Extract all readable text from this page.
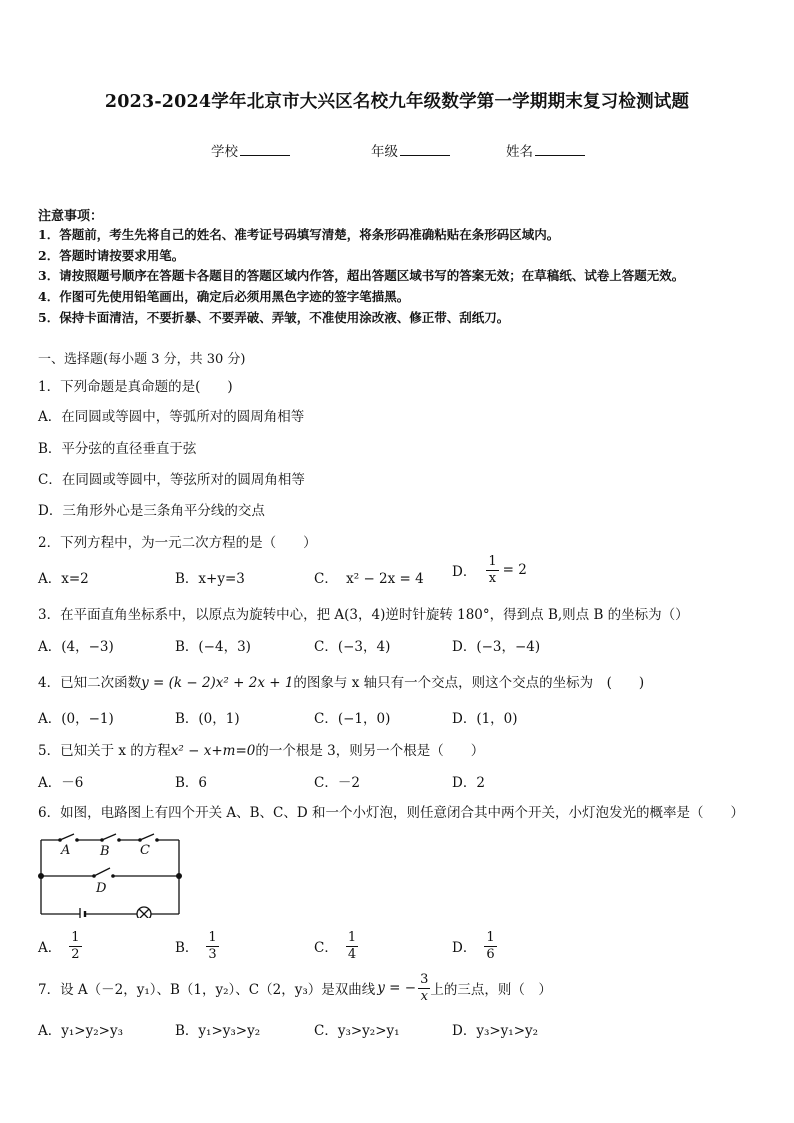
2023-2024学年北京市大兴区名校九年级数学第一学期期末复习检测试题
学校	年级	姓名
注意事项：
1．答题前，考生先将自己的姓名、准考证号码填写清楚，将条形码准确粘贴在条形码区域内。
2．答题时请按要求用笔。
3．请按照题号顺序在答题卡各题目的答题区域内作答，超出答题区域书写的答案无效；在草稿纸、试卷上答题无效。
4．作图可先使用铅笔画出，确定后必须用黑色字迹的签字笔描黑。
5．保持卡面清洁，不要折暴、不要弄破、弄皱，不准使用涂改液、修正带、刮纸刀。
一、选择题(每小题 3 分，共 30 分)
1．下列命题是真命题的是(　　)
A．在同圆或等圆中，等弧所对的圆周角相等
B．平分弦的直径垂直于弦
C．在同圆或等圆中，等弦所对的圆周角相等
D．三角形外心是三条角平分线的交点
2．下列方程中，为一元二次方程的是（　　）
A．x=2	B．x+y=3	C． x² − 2x = 4 D． $\frac{1}{x} = 2$
3．在平面直角坐标系中，以原点为旋转中心，把 A(3，4)逆时针旋转 180°，得到点 B,则点 B 的坐标为（）
A．(4，−3)	B．(−4，3)	C．(−3，4)	D．(−3，−4)
4．已知二次函数y = (k − 2)x² + 2x + 1的图象与 x 轴只有一个交点，则这个交点的坐标为　(　　)
A．(0，−1)	B．(0，1)	C．(−1，0)	D．(1，0)
5．已知关于 x 的方程x² − x+m=0的一个根是 3，则另一个根是（　　）
A．－6	B．6	C．－2	D．2
6．如图，电路图上有四个开关 A、B、C、D 和一个小灯泡，则任意闭合其中两个开关，小灯泡发光的概率是（　　）
A B C
D
A． $\frac{1}{2}$	B． $\frac{1}{3}$	C． $\frac{1}{4}$	D． $\frac{1}{6}$
7．设 A（－2，y₁）、B（1，y₂）、C（2，y₃）是双曲线 y = − $\frac{3}{x}$ 上的三点，则（　）
A．y₁>y₂>y₃	B．y₁>y₃>y₂	C．y₃>y₂>y₁	D．y₃>y₁>y₂
